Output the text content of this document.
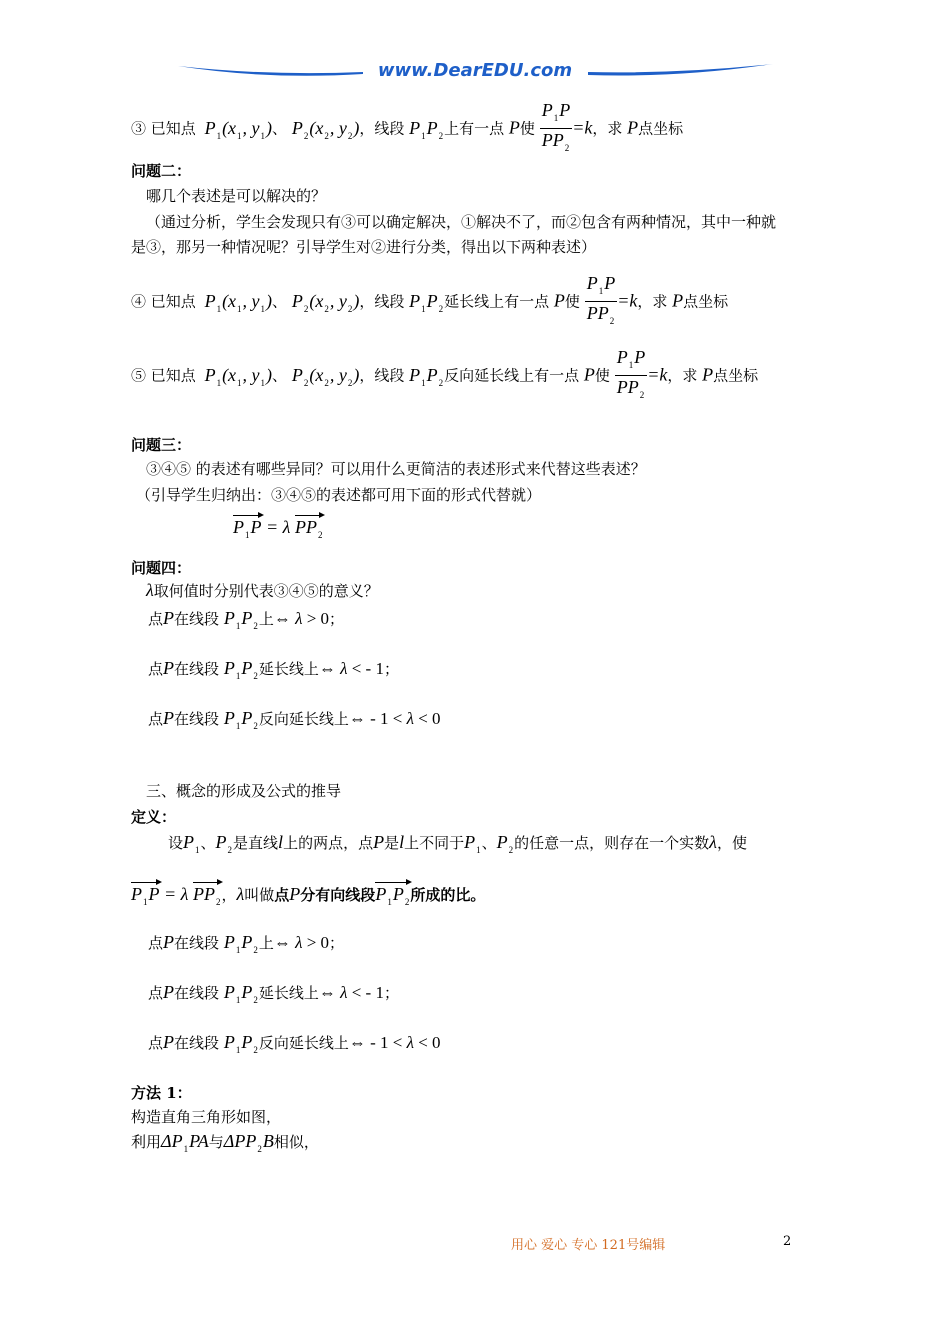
www.DearEDU.com
③ 已知点 $P_1(x_1$, $y_1$)、 $P_2(x_2$, $y_2$)，线段 $P_1P_2$上有一点 P使 $\frac{P_1P}{PP_2} =k$，求 P点坐标
问题二：
哪几个表述是可以解决的？
（通过分析，学生会发现只有③可以确定解决，①解决不了，而②包含有两种情况，其中一种就
是③，那另一种情况呢？引导学生对②进行分类，得出以下两种表述）
④ 已知点 $P_1(x_1$, $y_1$)、 $P_2(x_2$, $y_2$)，线段 $P_1P_2$延长线上有一点 P使 $\frac{P_1P}{PP_2} =k$，求 P点坐标
⑤ 已知点 $P_1(x_1$, $y_1$)、 $P_2(x_2$, $y_2$)，线段 $P_1P_2$反向延长线上有一点 P使 $\frac{P_1P}{PP_2} =k$，求 P点坐标
问题三：
③④⑤ 的表述有哪些异同？可以用什么更简洁的表述形式来代替这些表述？
（引导学生归纳出：③④⑤的表述都可用下面的形式代替就）
$P_1P = \lambda$ $PP_2$
问题四：
λ取何值时分别代表③④⑤的意义？
点P在线段 $P_1P_2$上⇔ λ > 0；
点P在线段 $P_1P_2$延长线上⇔ λ < - 1；
点P在线段 $P_1P_2$反向延长线上⇔ - 1 < λ < 0
三、概念的形成及公式的推导
定义：
设$P_1$、$P_2$是直线l上的两点，点P是l上不同于$P_1$、$P_2$的任意一点，则存在一个实数λ，使
$P_1P = \lambda$ $PP_2$，λ叫做点P分有向线段$P_1P_2$所成的比。
点P在线段 $P_1P_2$上⇔ λ > 0；
点P在线段 $P_1P_2$延长线上⇔ λ < - 1；
点P在线段 $P_1P_2$反向延长线上⇔ - 1 < λ < 0
方法 1：
构造直角三角形如图，
利用$\Delta P_1PA$与$\Delta PP_2B$相似，
用心 爱心 专心 121号编辑	2
